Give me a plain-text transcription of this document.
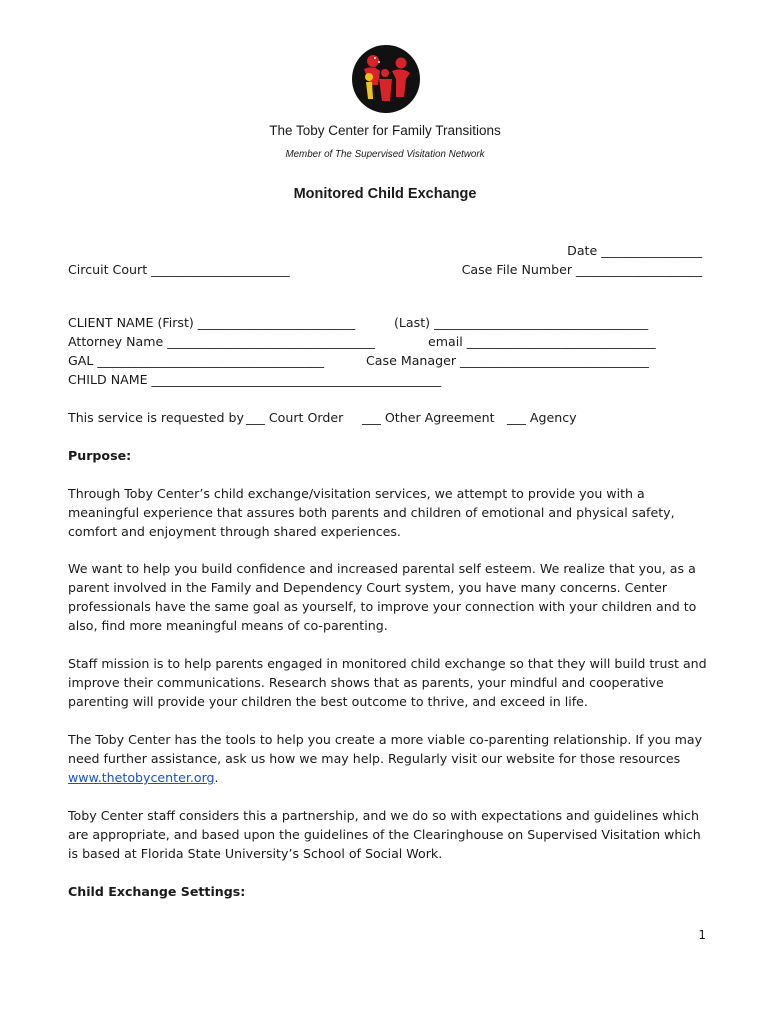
The Toby Center for Family Transitions
Member of The Supervised Visitation Network
Monitored Child Exchange
Date ________________
Circuit Court ______________________	Case File Number ____________________
CLIENT NAME (First) _________________________	(Last) __________________________________
Attorney Name _________________________________	email ______________________________
GAL ____________________________________	Case Manager ______________________________
CHILD NAME ______________________________________________
This service is requested by ___ Court Order ___ Other Agreement ___ Agency
Purpose:

Through Toby Center’s child exchange/visitation services, we attempt to provide you with a meaningful experience that assures both parents and children of emotional and physical safety, comfort and enjoyment through shared experiences.

We want to help you build confidence and increased parental self esteem. We realize that you, as a parent involved in the Family and Dependency Court system, you have many concerns. Center professionals have the same goal as yourself, to improve your connection with your children and to also, find more meaningful means of co-parenting.

Staff mission is to help parents engaged in monitored child exchange so that they will build trust and improve their communications. Research shows that as parents, your mindful and cooperative parenting will provide your children the best outcome to thrive, and exceed in life.

The Toby Center has the tools to help you create a more viable co-parenting relationship. If you may need further assistance, ask us how we may help. Regularly visit our website for those resources www.thetobycenter.org.

Toby Center staff considers this a partnership, and we do so with expectations and guidelines which are appropriate, and based upon the guidelines of the Clearinghouse on Supervised Visitation which is based at Florida State University’s School of Social Work.

Child Exchange Settings:
1
